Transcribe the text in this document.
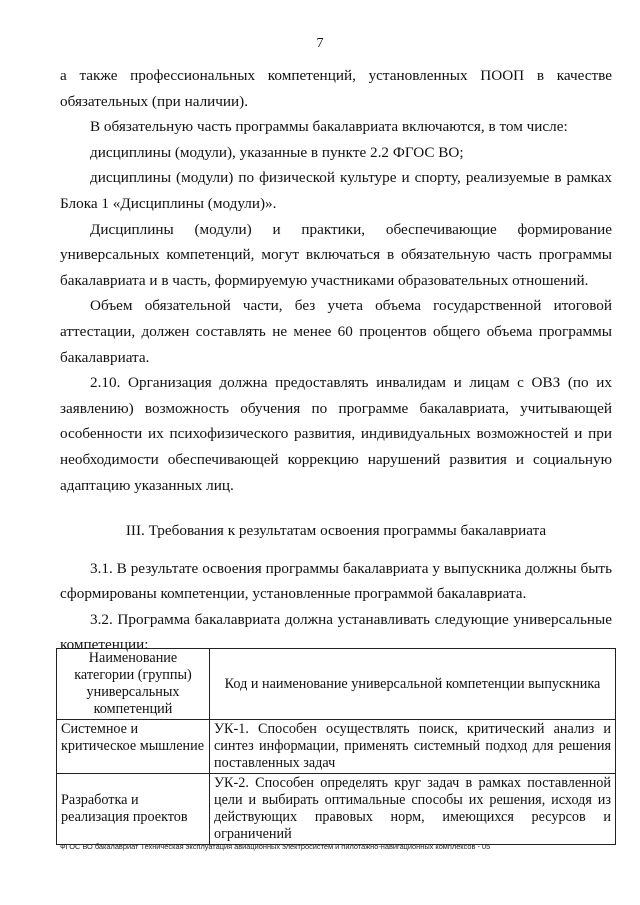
7

а также профессиональных компетенций, установленных ПООП в качестве обязательных (при наличии).

В обязательную часть программы бакалавриата включаются, в том числе:

дисциплины (модули), указанные в пункте 2.2 ФГОС ВО;

дисциплины (модули) по физической культуре и спорту, реализуемые в рамках Блока 1 «Дисциплины (модули)».

Дисциплины (модули) и практики, обеспечивающие формирование универсальных компетенций, могут включаться в обязательную часть программы бакалавриата и в часть, формируемую участниками образовательных отношений.

Объем обязательной части, без учета объема государственной итоговой аттестации, должен составлять не менее 60 процентов общего объема программы бакалавриата.

2.10. Организация должна предоставлять инвалидам и лицам с ОВЗ (по их заявлению) возможность обучения по программе бакалавриата, учитывающей особенности их психофизического развития, индивидуальных возможностей и при необходимости обеспечивающей коррекцию нарушений развития и социальную адаптацию указанных лиц.

III. Требования к результатам освоения программы бакалавриата

3.1. В результате освоения программы бакалавриата у выпускника должны быть сформированы компетенции, установленные программой бакалавриата.

3.2. Программа бакалавриата должна устанавливать следующие универсальные компетенции:

Наименование категории (группы) универсальных компетенций	Код и наименование универсальной компетенции выпускника
Системное и критическое мышление	УК-1. Способен осуществлять поиск, критический анализ и синтез информации, применять системный подход для решения поставленных задач
Разработка и реализация проектов	УК-2. Способен определять круг задач в рамках поставленной цели и выбирать оптимальные способы их решения, исходя из действующих правовых норм, имеющихся ресурсов и ограничений
ФГОС ВО бакалавриат Техническая эксплуатация авиационных электросистем и пилотажно-навигационных комплексов - 05
